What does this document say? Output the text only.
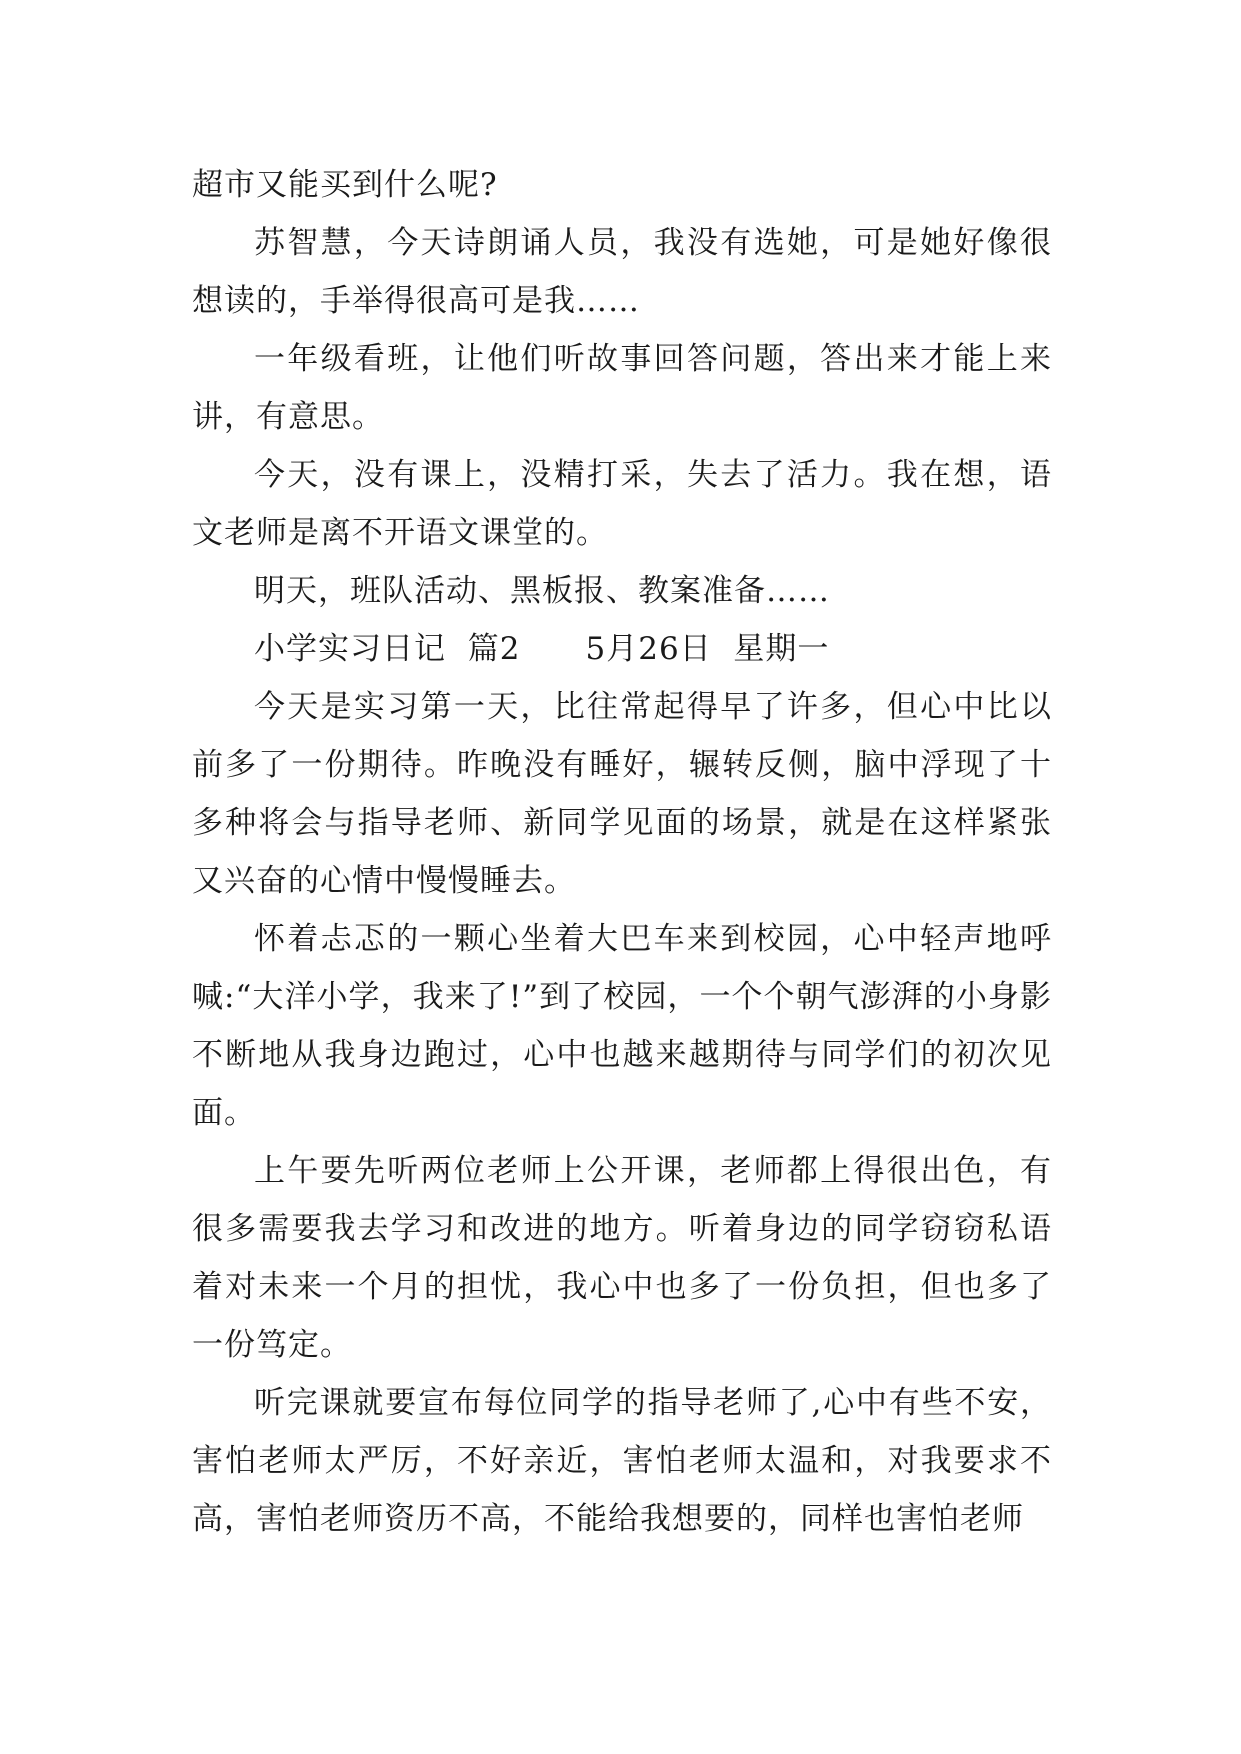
超市又能买到什么呢?

苏智慧，今天诗朗诵人员，我没有选她，可是她好像很想读的，手举得很高可是我……

一年级看班，让他们听故事回答问题，答出来才能上来讲，有意思。

今天，没有课上，没精打采，失去了活力。我在想，语文老师是离不开语文课堂的。

明天，班队活动、黑板报、教案准备……

小学实习日记  篇2      5月26日  星期一

今天是实习第一天，比往常起得早了许多，但心中比以前多了一份期待。昨晚没有睡好，辗转反侧，脑中浮现了十多种将会与指导老师、新同学见面的场景，就是在这样紧张又兴奋的心情中慢慢睡去。

怀着忐忑的一颗心坐着大巴车来到校园，心中轻声地呼喊:“大洋小学，我来了!”到了校园，一个个朝气澎湃的小身影不断地从我身边跑过，心中也越来越期待与同学们的初次见面。

上午要先听两位老师上公开课，老师都上得很出色，有很多需要我去学习和改进的地方。听着身边的同学窃窃私语着对未来一个月的担忧，我心中也多了一份负担，但也多了一份笃定。

听完课就要宣布每位同学的指导老师了,心中有些不安，害怕老师太严厉，不好亲近，害怕老师太温和，对我要求不高，害怕老师资历不高，不能给我想要的，同样也害怕老师
